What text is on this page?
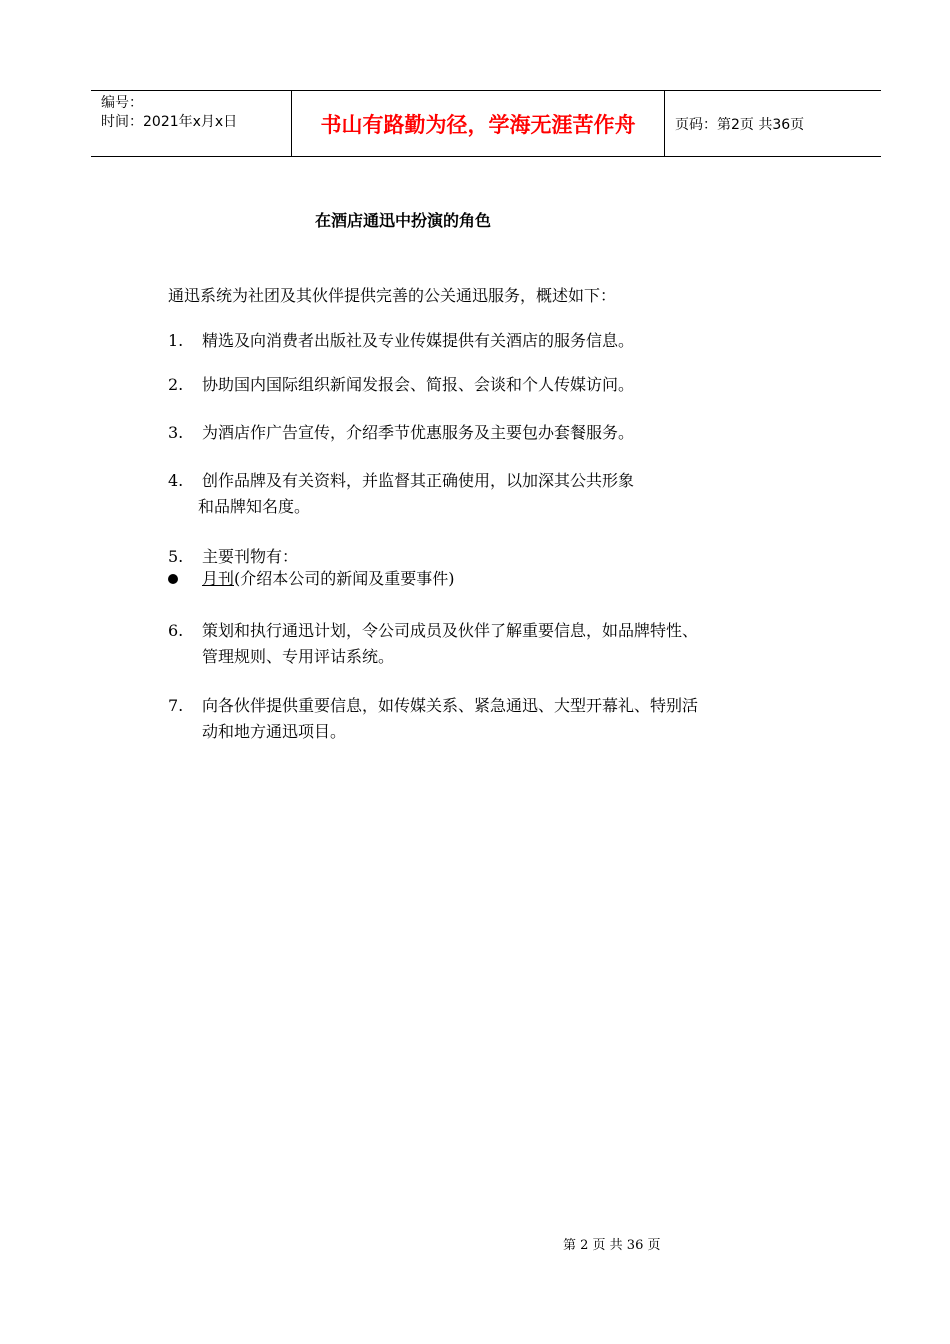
编号：
时间：2021年x月x日	书山有路勤为径，学海无涯苦作舟	页码：第2页 共36页
在酒店通迅中扮演的角色
通迅系统为社团及其伙伴提供完善的公关通迅服务，概述如下：
1. 精选及向消费者出版社及专业传媒提供有关酒店的服务信息。
2. 协助国内国际组织新闻发报会、简报、会谈和个人传媒访问。
3. 为酒店作广告宣传，介绍季节优惠服务及主要包办套餐服务。
4. 创作品牌及有关资料，并监督其正确使用，以加深其公共形象
和品牌知名度。
5. 主要刊物有：
月刊(介绍本公司的新闻及重要事件)
6. 策划和执行通迅计划，令公司成员及伙伴了解重要信息，如品牌特性、
管理规则、专用评诂系统。
7. 向各伙伴提供重要信息，如传媒关系、紧急通迅、大型开幕礼、特别活
动和地方通迅项目。
第 2 页 共 36 页
